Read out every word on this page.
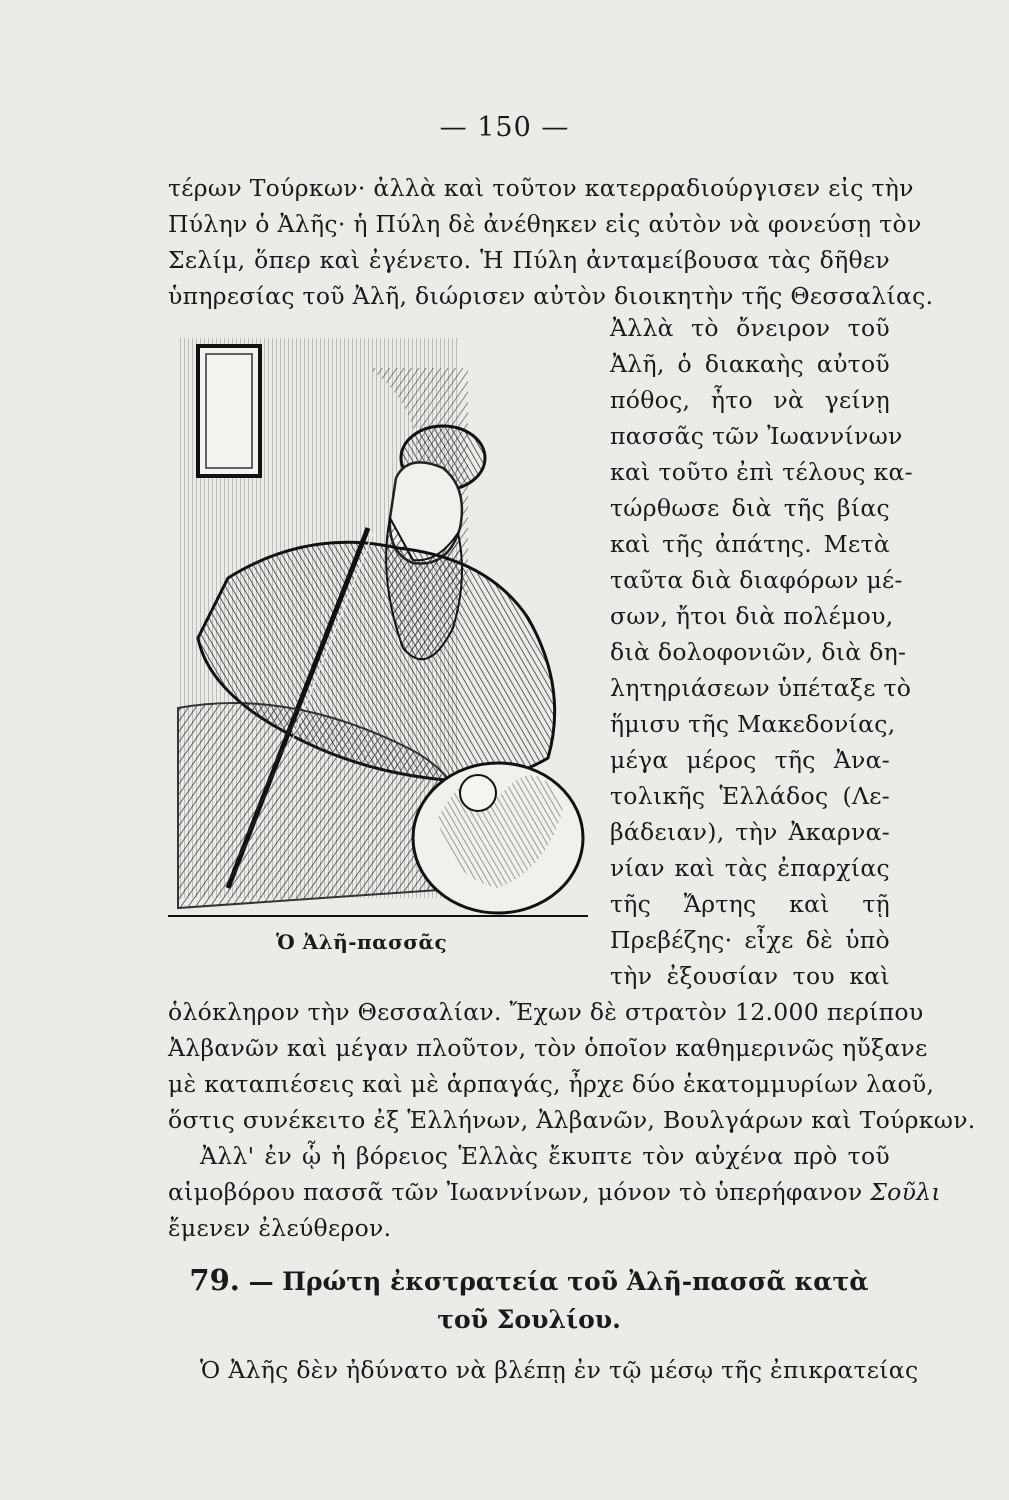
— 150 —
τέρων Τούρκων· ἀλλὰ καὶ τοῦτον κατερραδιούργισεν εἰς τὴν
Πύλην ὁ Ἀλῆς· ἡ Πύλη δὲ ἀνέθηκεν εἰς αὐτὸν νὰ φονεύσῃ τὸν
Σελίμ, ὅπερ καὶ ἐγένετο. Ἡ Πύλη ἀνταμείβουσα τὰς δῆθεν
ὑπηρεσίας τοῦ Ἀλῆ, διώρισεν αὐτὸν διοικητὴν τῆς Θεσσαλίας.
Ἀλλὰ τὸ ὄνειρον τοῦ
Ἀλῆ, ὁ διακαὴς αὐτοῦ
πόθος, ἦτο νὰ γείνῃ
πασσᾶς τῶν Ἰωαννίνων
καὶ τοῦτο ἐπὶ τέλους κα-
τώρθωσε διὰ τῆς βίας
καὶ τῆς ἀπάτης. Μετὰ
ταῦτα διὰ διαφόρων μέ-
σων, ἤτοι διὰ πολέμου,
διὰ δολοφονιῶν, διὰ δη-
λητηριάσεων ὑπέταξε τὸ
ἥμισυ τῆς Μακεδονίας,
μέγα μέρος τῆς Ἀνα-
τολικῆς Ἑλλάδος (Λε-
βάδειαν), τὴν Ἀκαρνα-
νίαν καὶ τὰς ἐπαρχίας
τῆς Ἄρτης καὶ τῇ
Πρεβέζης· εἶχε δὲ ὑπὸ
τὴν ἐξουσίαν του καὶ
Ὁ Ἀλῆ-πασσᾶς
ὁλόκληρον τὴν Θεσσαλίαν. Ἔχων δὲ στρατὸν 12.000 περίπου
Ἀλβανῶν καὶ μέγαν πλοῦτον, τὸν ὁποῖον καθημερινῶς ηὔξανε
μὲ καταπιέσεις καὶ μὲ ἁρπαγάς, ἦρχε δύο ἑκατομμυρίων λαοῦ,
ὅστις συνέκειτο ἐξ Ἑλλήνων, Ἀλβανῶν, Βουλγάρων καὶ Τούρκων.
Ἀλλ' ἐν ᾧ ἡ βόρειος Ἑλλὰς ἔκυπτε τὸν αὐχένα πρὸ τοῦ
αἱμοβόρου πασσᾶ τῶν Ἰωαννίνων, μόνον τὸ ὑπερήφανον Σοῦλι
ἔμενεν ἐλεύθερον.
79. — Πρώτη ἐκστρατεία τοῦ Ἀλῆ-πασσᾶ κατὰ
τοῦ Σουλίου.
Ὁ Ἀλῆς δὲν ἠδύνατο νὰ βλέπῃ ἐν τῷ μέσῳ τῆς ἐπικρατείας
